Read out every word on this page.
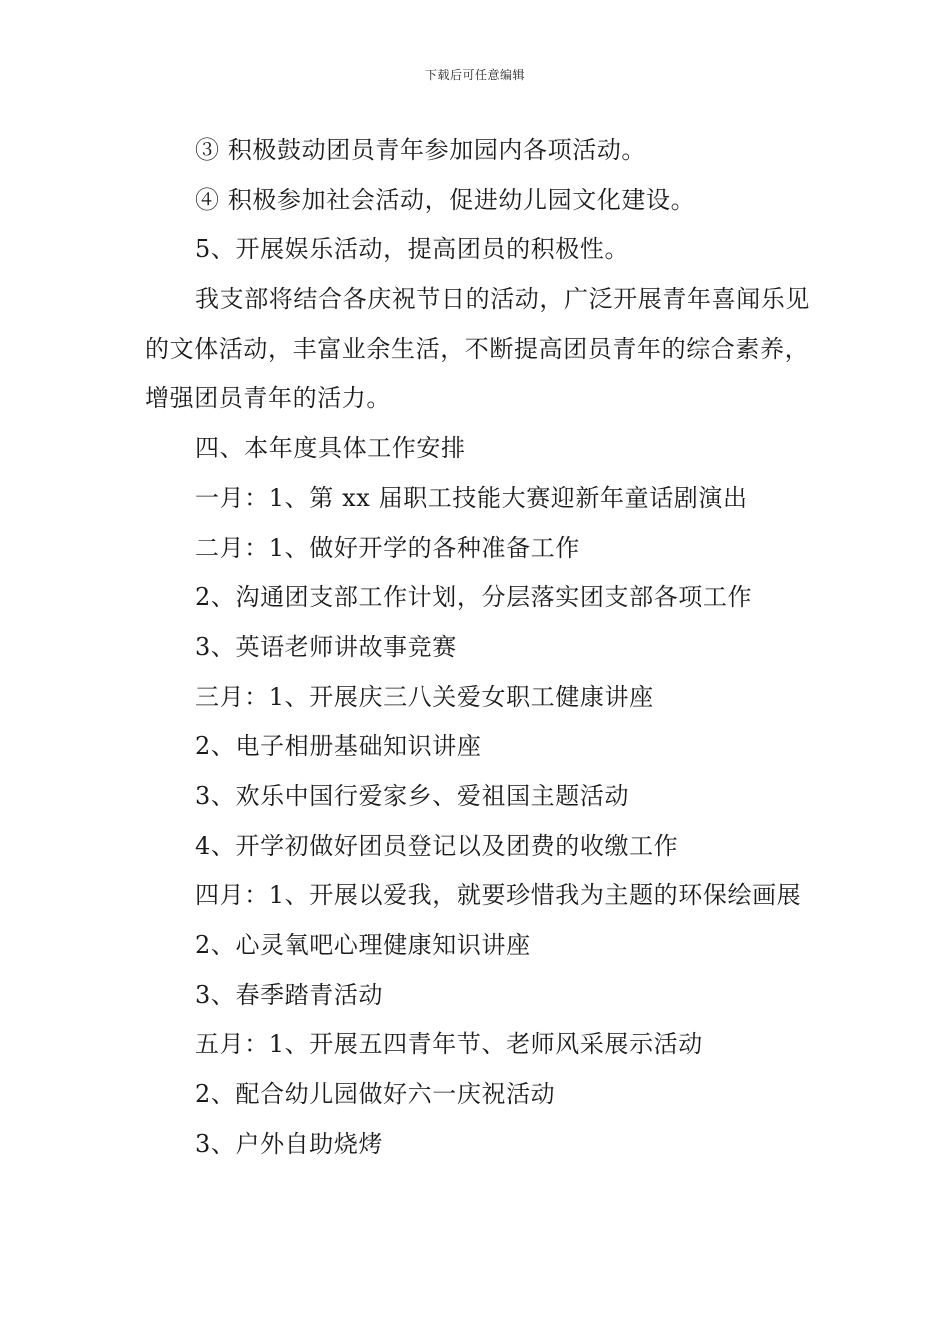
下载后可任意编辑
③ 积极鼓动团员青年参加园内各项活动。
④ 积极参加社会活动，促进幼儿园文化建设。
5、开展娱乐活动，提高团员的积极性。

我支部将结合各庆祝节日的活动，广泛开展青年喜闻乐见的文体活动，丰富业余生活，不断提高团员青年的综合素养，增强团员青年的活力。

四、本年度具体工作安排
一月：1、第 xx 届职工技能大赛迎新年童话剧演出
二月：1、做好开学的各种准备工作
2、沟通团支部工作计划，分层落实团支部各项工作
3、英语老师讲故事竞赛
三月：1、开展庆三八关爱女职工健康讲座
2、电子相册基础知识讲座
3、欢乐中国行爱家乡、爱祖国主题活动
4、开学初做好团员登记以及团费的收缴工作

四月：1、开展以爱我，就要珍惜我为主题的环保绘画展

2、心灵氧吧心理健康知识讲座
3、春季踏青活动
五月：1、开展五四青年节、老师风采展示活动
2、配合幼儿园做好六一庆祝活动
3、户外自助烧烤
